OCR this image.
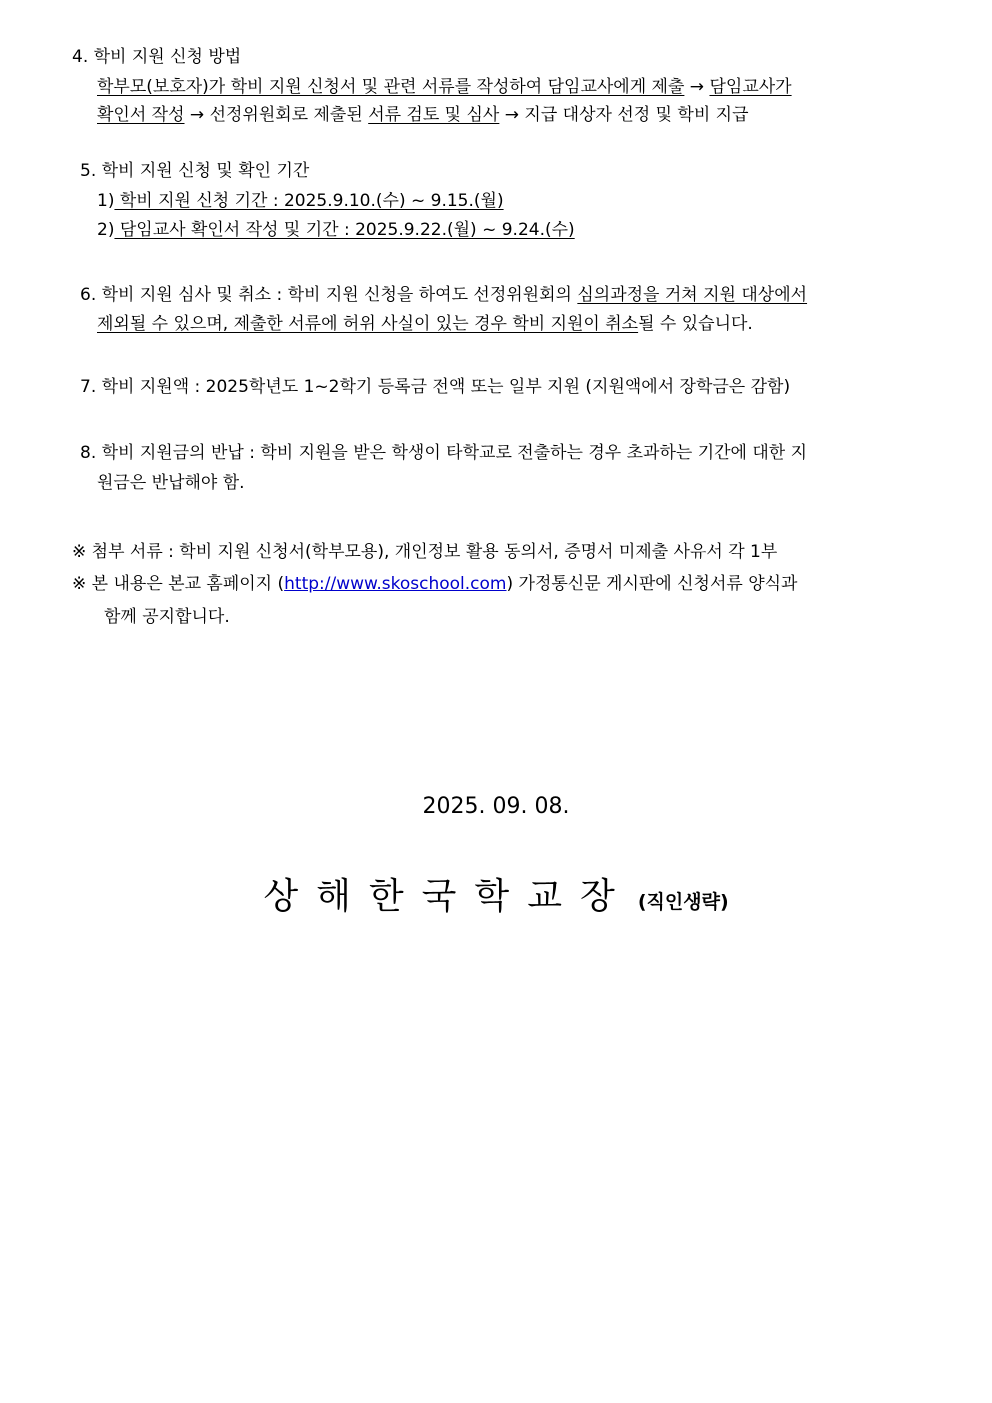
4. 학비 지원 신청 방법
학부모(보호자)가 학비 지원 신청서 및 관련 서류를 작성하여 담임교사에게 제출 → 담임교사가
확인서 작성 → 선정위원회로 제출된 서류 검토 및 심사 → 지급 대상자 선정 및 학비 지급
5. 학비 지원 신청 및 확인 기간
1) 학비 지원 신청 기간 : 2025.9.10.(수) ~ 9.15.(월)
2) 담임교사 확인서 작성 및 기간 : 2025.9.22.(월) ~ 9.24.(수)
6. 학비 지원 심사 및 취소 : 학비 지원 신청을 하여도 선정위원회의 심의과정을 거쳐 지원 대상에서
제외될 수 있으며, 제출한 서류에 허위 사실이 있는 경우 학비 지원이 취소될 수 있습니다.
7. 학비 지원액 : 2025학년도 1~2학기 등록금 전액 또는 일부 지원 (지원액에서 장학금은 감함)
8. 학비 지원금의 반납 : 학비 지원을 받은 학생이 타학교로 전출하는 경우 초과하는 기간에 대한 지
원금은 반납해야 함.
※ 첨부 서류 : 학비 지원 신청서(학부모용), 개인정보 활용 동의서, 증명서 미제출 사유서 각 1부
※ 본 내용은 본교 홈페이지 (http://www.skoschool.com) 가정통신문 게시판에 신청서류 양식과
함께 공지합니다.
2025. 09. 08.
상해한국학교장 (직인생략)
